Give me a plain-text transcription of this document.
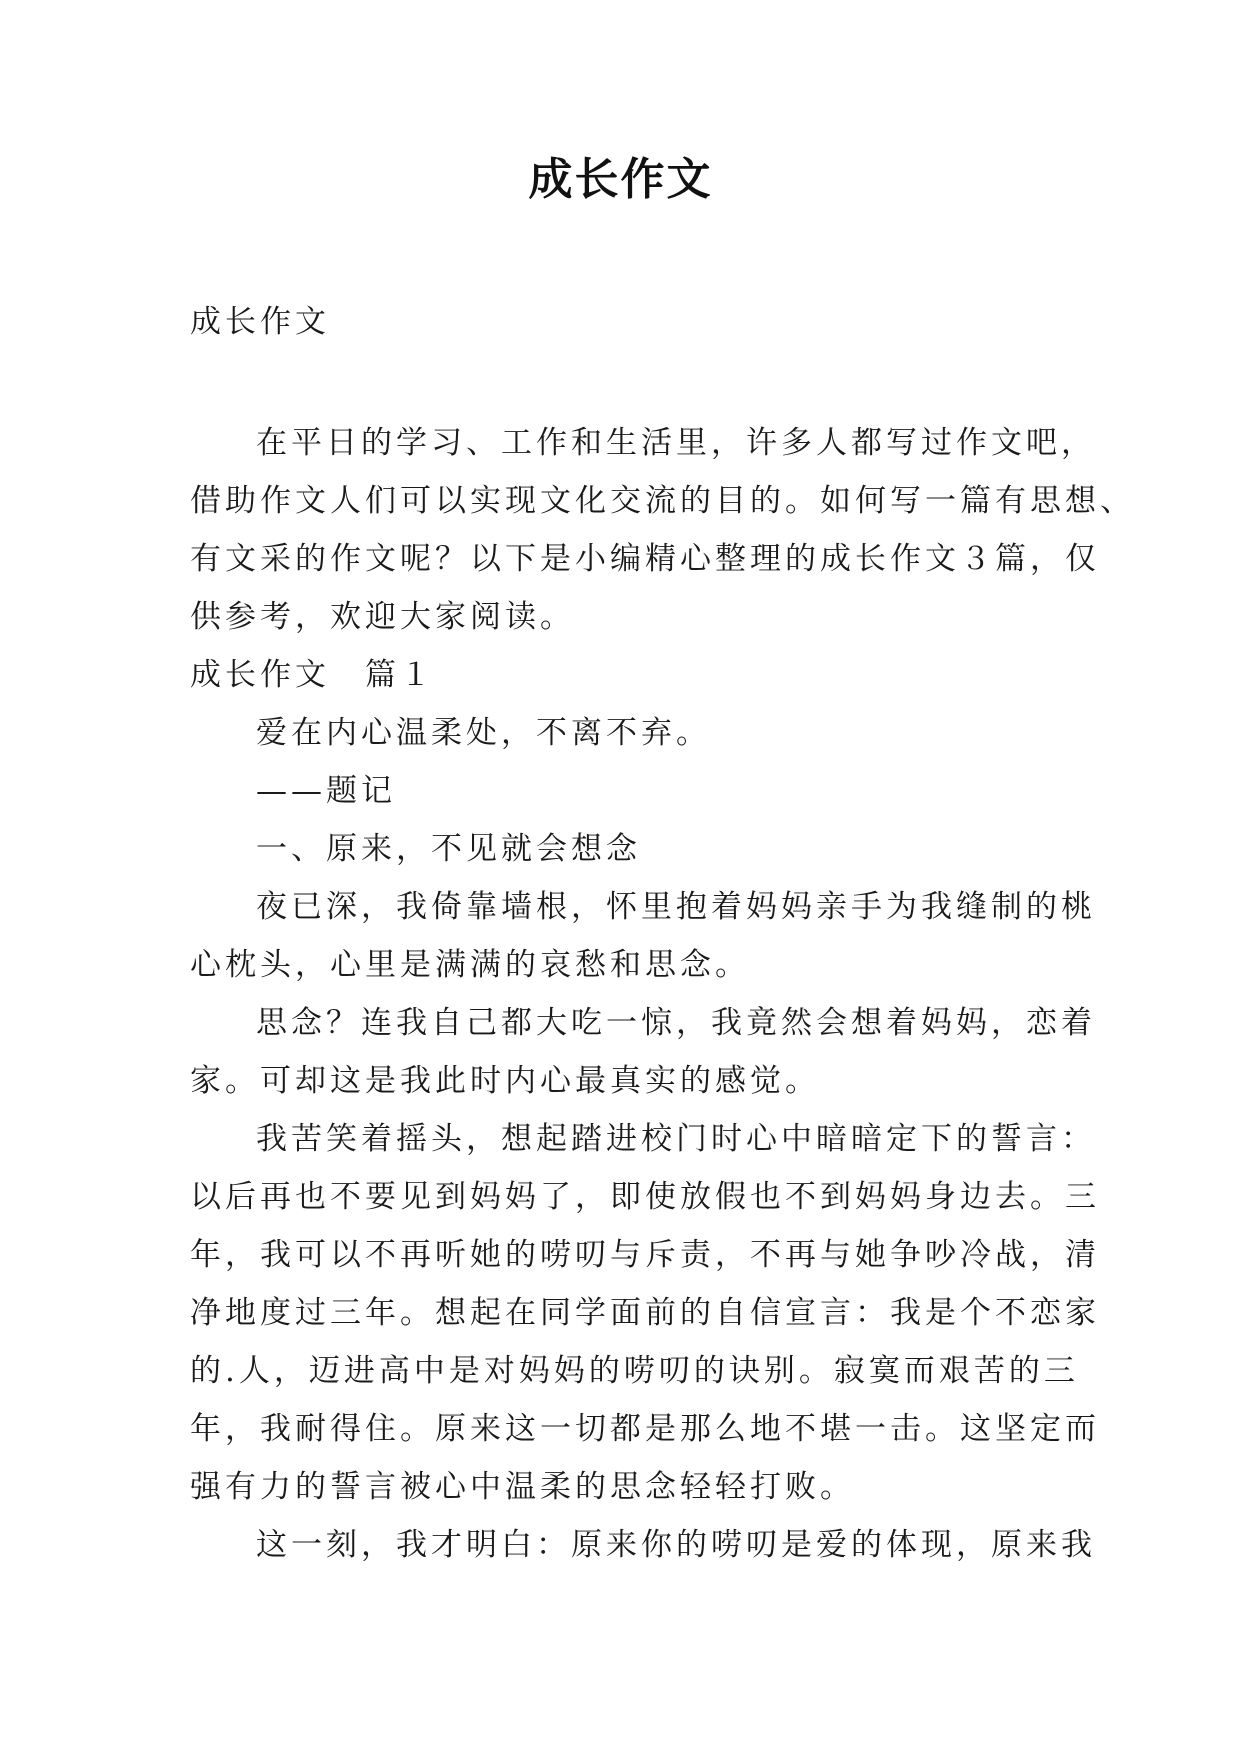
成长作文
成长作文
在平日的学习、工作和生活里，许多人都写过作文吧，
借助作文人们可以实现文化交流的目的。如何写一篇有思想、
有文采的作文呢？以下是小编精心整理的成长作文３篇，仅
供参考，欢迎大家阅读。
成长作文　篇１
爱在内心温柔处，不离不弃。
——题记
一、原来，不见就会想念
夜已深，我倚靠墙根，怀里抱着妈妈亲手为我缝制的桃
心枕头，心里是满满的哀愁和思念。
思念？连我自己都大吃一惊，我竟然会想着妈妈，恋着
家。可却这是我此时内心最真实的感觉。
我苦笑着摇头，想起踏进校门时心中暗暗定下的誓言：
以后再也不要见到妈妈了，即使放假也不到妈妈身边去。三
年，我可以不再听她的唠叨与斥责，不再与她争吵冷战，清
净地度过三年。想起在同学面前的自信宣言：我是个不恋家
的.人，迈进高中是对妈妈的唠叨的诀别。寂寞而艰苦的三
年，我耐得住。原来这一切都是那么地不堪一击。这坚定而
强有力的誓言被心中温柔的思念轻轻打败。
这一刻，我才明白：原来你的唠叨是爱的体现，原来我
